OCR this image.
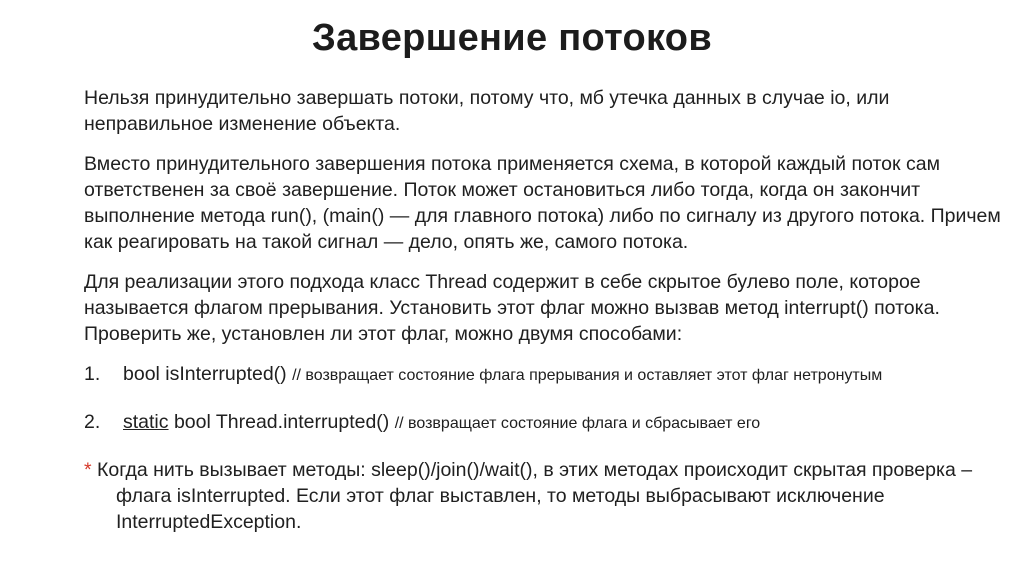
Завершение потоков

Нельзя принудительно завершать потоки, потому что, мб утечка данных в случае io, или неправильное изменение объекта.

Вместо принудительного завершения потока применяется схема, в которой каждый поток сам ответственен за своё завершение. Поток может остановиться либо тогда, когда он закончит выполнение метода run(), (main() — для главного потока) либо по сигналу из другого потока. Причем как реагировать на такой сигнал — дело, опять же, самого потока.

Для реализации этого подхода класс Thread содержит в себе скрытое булево поле, которое называется флагом прерывания. Установить этот флаг можно вызвав метод interrupt() потока. Проверить же, установлен ли этот флаг, можно двумя способами:

1. bool isInterrupted() // возвращает состояние флага прерывания и оставляет этот флаг нетронутым
2. static bool Thread.interrupted() // возвращает состояние флага и сбрасывает его

* Когда нить вызывает методы: sleep()/join()/wait(), в этих методах происходит скрытая проверка – флага isInterrupted. Если этот флаг выставлен, то методы выбрасывают исключение InterruptedException.
